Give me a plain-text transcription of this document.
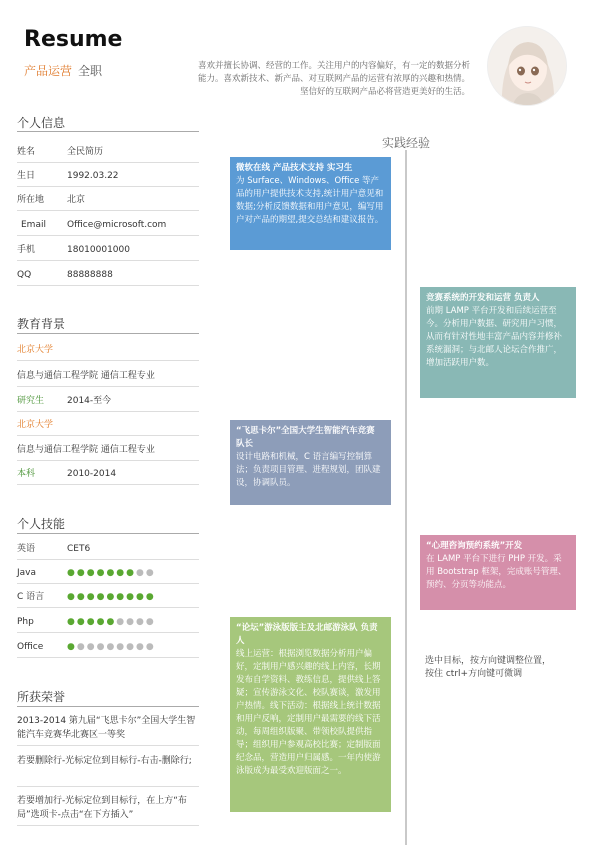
Resume
产品运营 全职	喜欢并擅长协调、经营的工作。关注用户的内容偏好，有一定的数据分析能力。喜欢新技术、新产品、对互联网产品的运营有浓厚的兴趣和热情。坚信好的互联网产品必将营造更美好的生活。
个人信息
姓名	全民简历
生日	1992.03.22
所在地	北京
Email Office@microsoft.com
手机	18010001000
QQ	88888888
教育背景
北京大学
信息与通信工程学院 通信工程专业
研究生	2014-至今
北京大学
信息与通信工程学院 通信工程专业
本科	2010-2014
个人技能
英语	CET6
Java	●●●●●●●●●
C 语言	●●●●●●●●●
Php	●●●●●●●●●
Office	●●●●●●●●●
所获荣誉
2013-2014 第九届“飞思卡尔”全国大学生智能汽车竞赛华北赛区一等奖
若要删除行-光标定位到目标行-右击-删除行;
若要增加行-光标定位到目标行，在上方“布局”选项卡-点击“在下方插入”
实践经验
微软在线 产品技术支持 实习生
为 Surface、Windows、Office 等产品的用户提供技术支持,统计用户意见和数据;分析反馈数据和用户意见，编写用户对产品的期望,提交总结和建议报告。
竞赛系统的开发和运营 负责人
前期 LAMP 平台开发和后续运营至今。分析用户数据、研究用户习惯，从而有针对性地丰富产品内容并修补系统漏洞；与北邮人论坛合作推广，增加活跃用户数。
“飞思卡尔”全国大学生智能汽车竞赛 队长
设计电路和机械，C 语言编写控制算法；负责项目管理、进程规划，团队建设，协调队员。
“心理咨询预约系统”开发
在 LAMP 平台下进行 PHP 开发。采用 Bootstrap 框架，完成账号管理、预约、分页等功能点。
“论坛”游泳版版主及北邮游泳队 负责人
线上运营：根据浏览数据分析用户偏好，定制用户感兴趣的线上内容，长期发布自学资料、教练信息，提供线上答疑；宣传游泳文化、校队赛谈，激发用户热情。线下活动：根据线上统计数据和用户反响，定制用户最需要的线下活动，每周组织版聚、带领校队提供指导；组织用户参观高校比赛；定制版面纪念品，营造用户归属感。一年内使游泳版成为最受欢迎版面之一。
选中目标，按方向键调整位置，按住 ctrl+方向键可微调
